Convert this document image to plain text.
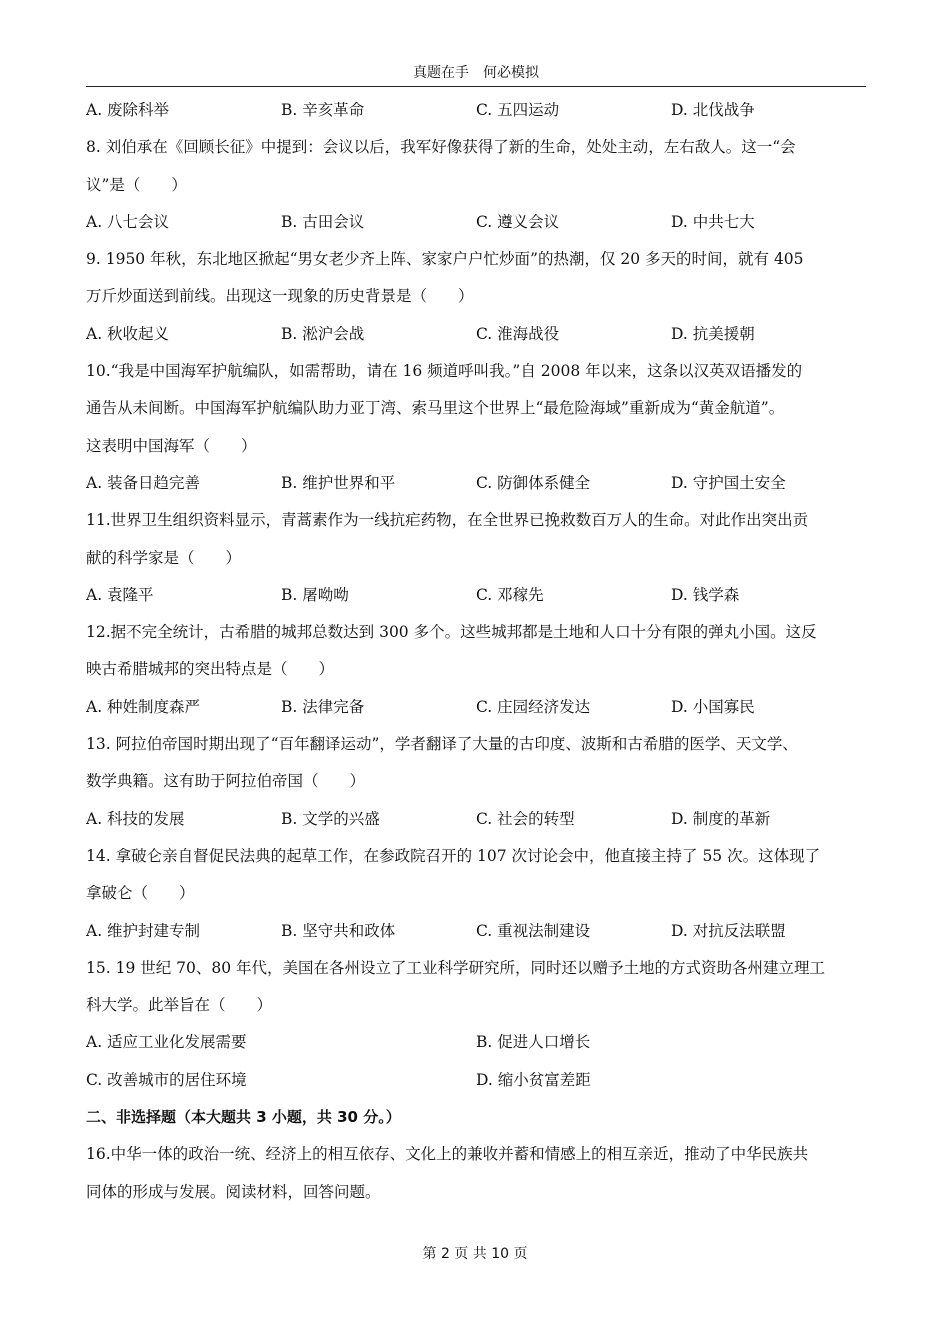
真题在手　何必模拟
A. 废除科举	B. 辛亥革命	C. 五四运动	D. 北伐战争
8. 刘伯承在《回顾长征》中提到：会议以后，我军好像获得了新的生命，处处主动，左右敌人。这一“会
议”是（　　）
A. 八七会议	B. 古田会议	C. 遵义会议	D. 中共七大
9. 1950 年秋，东北地区掀起“男女老少齐上阵、家家户户忙炒面”的热潮，仅 20 多天的时间，就有 405
万斤炒面送到前线。出现这一现象的历史背景是（　　）
A. 秋收起义	B. 淞沪会战	C. 淮海战役	D. 抗美援朝
10.“我是中国海军护航编队，如需帮助，请在 16 频道呼叫我。”自 2008 年以来，这条以汉英双语播发的
通告从未间断。中国海军护航编队助力亚丁湾、索马里这个世界上“最危险海域”重新成为“黄金航道”。
这表明中国海军（　　）
A. 装备日趋完善	B. 维护世界和平	C. 防御体系健全	D. 守护国土安全
11.世界卫生组织资料显示，青蒿素作为一线抗疟药物，在全世界已挽救数百万人的生命。对此作出突出贡
献的科学家是（　　）
A. 袁隆平	B. 屠呦呦	C. 邓稼先	D. 钱学森
12.据不完全统计，古希腊的城邦总数达到 300 多个。这些城邦都是土地和人口十分有限的弹丸小国。这反
映古希腊城邦的突出特点是（　　）
A. 种姓制度森严	B. 法律完备	C. 庄园经济发达	D. 小国寡民
13. 阿拉伯帝国时期出现了“百年翻译运动”，学者翻译了大量的古印度、波斯和古希腊的医学、天文学、
数学典籍。这有助于阿拉伯帝国（　　）
A. 科技的发展	B. 文学的兴盛	C. 社会的转型	D. 制度的革新
14. 拿破仑亲自督促民法典的起草工作，在参政院召开的 107 次讨论会中，他直接主持了 55 次。这体现了
拿破仑（　　）
A. 维护封建专制	B. 坚守共和政体	C. 重视法制建设	D. 对抗反法联盟
15. 19 世纪 70、80 年代，美国在各州设立了工业科学研究所，同时还以赠予土地的方式资助各州建立理工
科大学。此举旨在（　　）
A. 适应工业化发展需要	B. 促进人口增长
C. 改善城市的居住环境	D. 缩小贫富差距
二、非选择题（本大题共 3 小题，共 30 分。）
16.中华一体的政治一统、经济上的相互依存、文化上的兼收并蓄和情感上的相互亲近，推动了中华民族共
同体的形成与发展。阅读材料，回答问题。
第 2 页 共 10 页
